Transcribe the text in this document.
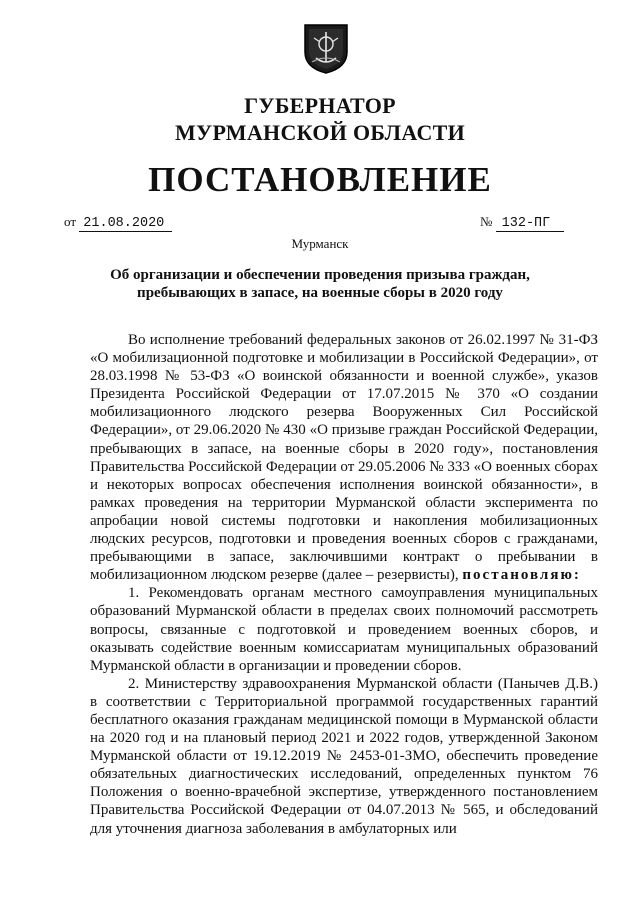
ГУБЕРНАТОР
МУРМАНСКОЙ ОБЛАСТИ
ПОСТАНОВЛЕНИЕ
от 21.08.2020	№ 132-ПГ
Мурманск
Об организации и обеспечении проведения призыва граждан,
пребывающих в запасе, на военные сборы в 2020 году

Во исполнение требований федеральных законов от 26.02.1997 № 31-ФЗ «О мобилизационной подготовке и мобилизации в Российской Федерации», от 28.03.1998 № 53-ФЗ «О воинской обязанности и военной службе», указов Президента Российской Федерации от 17.07.2015 № 370 «О создании мобилизационного людского резерва Вооруженных Сил Российской Федерации», от 29.06.2020 № 430 «О призыве граждан Российской Федерации, пребывающих в запасе, на военные сборы в 2020 году», постановления Правительства Российской Федерации от 29.05.2006 № 333 «О военных сборах и некоторых вопросах обеспечения исполнения воинской обязанности», в рамках проведения на территории Мурманской области эксперимента по апробации новой системы подготовки и накопления мобилизационных людских ресурсов, подготовки и проведения военных сборов с гражданами, пребывающими в запасе, заключившими контракт о пребывании в мобилизационном людском резерве (далее – резервисты), постановляю:

1. Рекомендовать органам местного самоуправления муниципальных образований Мурманской области в пределах своих полномочий рассмотреть вопросы, связанные с подготовкой и проведением военных сборов, и оказывать содействие военным комиссариатам муниципальных образований Мурманской области в организации и проведении сборов.

2. Министерству здравоохранения Мурманской области (Панычев Д.В.) в соответствии с Территориальной программой государственных гарантий бесплатного оказания гражданам медицинской помощи в Мурманской области на 2020 год и на плановый период 2021 и 2022 годов, утвержденной Законом Мурманской области от 19.12.2019 № 2453-01-ЗМО, обеспечить проведение обязательных диагностических исследований, определенных пунктом 76 Положения о военно-врачебной экспертизе, утвержденного постановлением Правительства Российской Федерации от 04.07.2013 № 565, и обследований для уточнения диагноза заболевания в амбулаторных или
